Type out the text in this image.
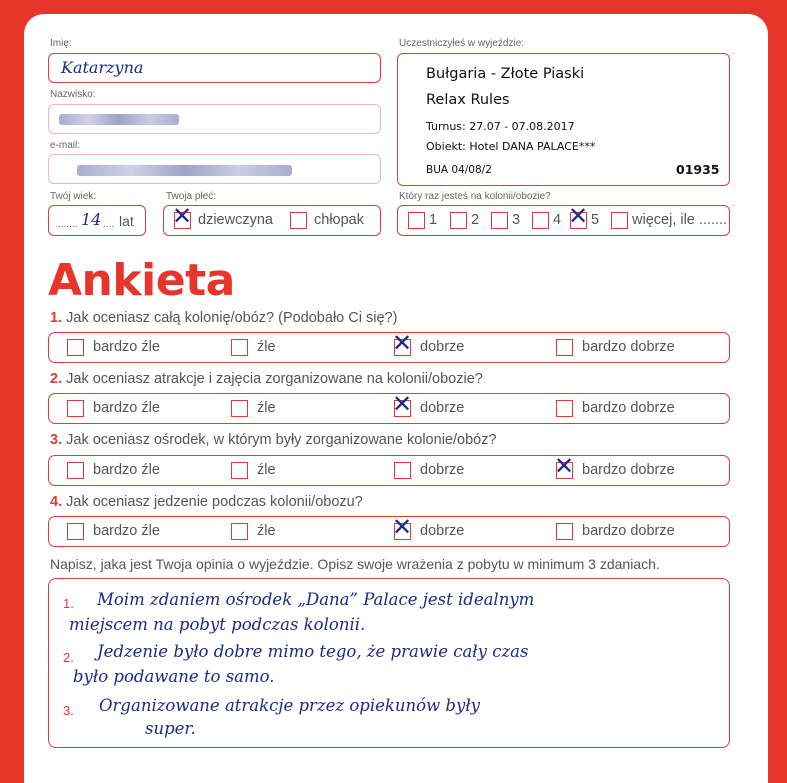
Imię:
Katarzyna
Nazwisko:
e-mail:
Twój wiek:
....... 14 .... lat
Twoja płeć:
✕
dziewczyna	chłopak
Uczestniczyłeś w wyjeździe:
Bułgaria - Złote Piaski
Relax Rules
Turnus: 27.07 - 07.08.2017
Obiekt: Hotel DANA PALACE***
BUA 04/08/2	01935
Który raz jesteś na kolonii/obozie?
1 2 3 4 ✕ 5 więcej, ile .......
Ankieta
1. Jak oceniasz całą kolonię/obóz? (Podobało Ci się?)
bardzo źle	źle ✕	dobrze	bardzo dobrze
2. Jak oceniasz atrakcje i zajęcia zorganizowane na kolonii/obozie?
bardzo źle	źle ✕	dobrze	bardzo dobrze
3. Jak oceniasz ośrodek, w którym były zorganizowane kolonie/obóz?
bardzo źle	źle	dobrze ✕	bardzo dobrze
4. Jak oceniasz jedzenie podczas kolonii/obozu?
bardzo źle	źle ✕	dobrze	bardzo dobrze
Napisz, jaka jest Twoja opinia o wyjeździe. Opisz swoje wrażenia z pobytu w minimum 3 zdaniach.
1. Moim zdaniem ośrodek „Dana” Palace jest idealnym
miejscem na pobyt podczas kolonii.
2. Jedzenie było dobre mimo tego, że prawie cały czas
było podawane to samo.
3. Organizowane atrakcje przez opiekunów były
super.
